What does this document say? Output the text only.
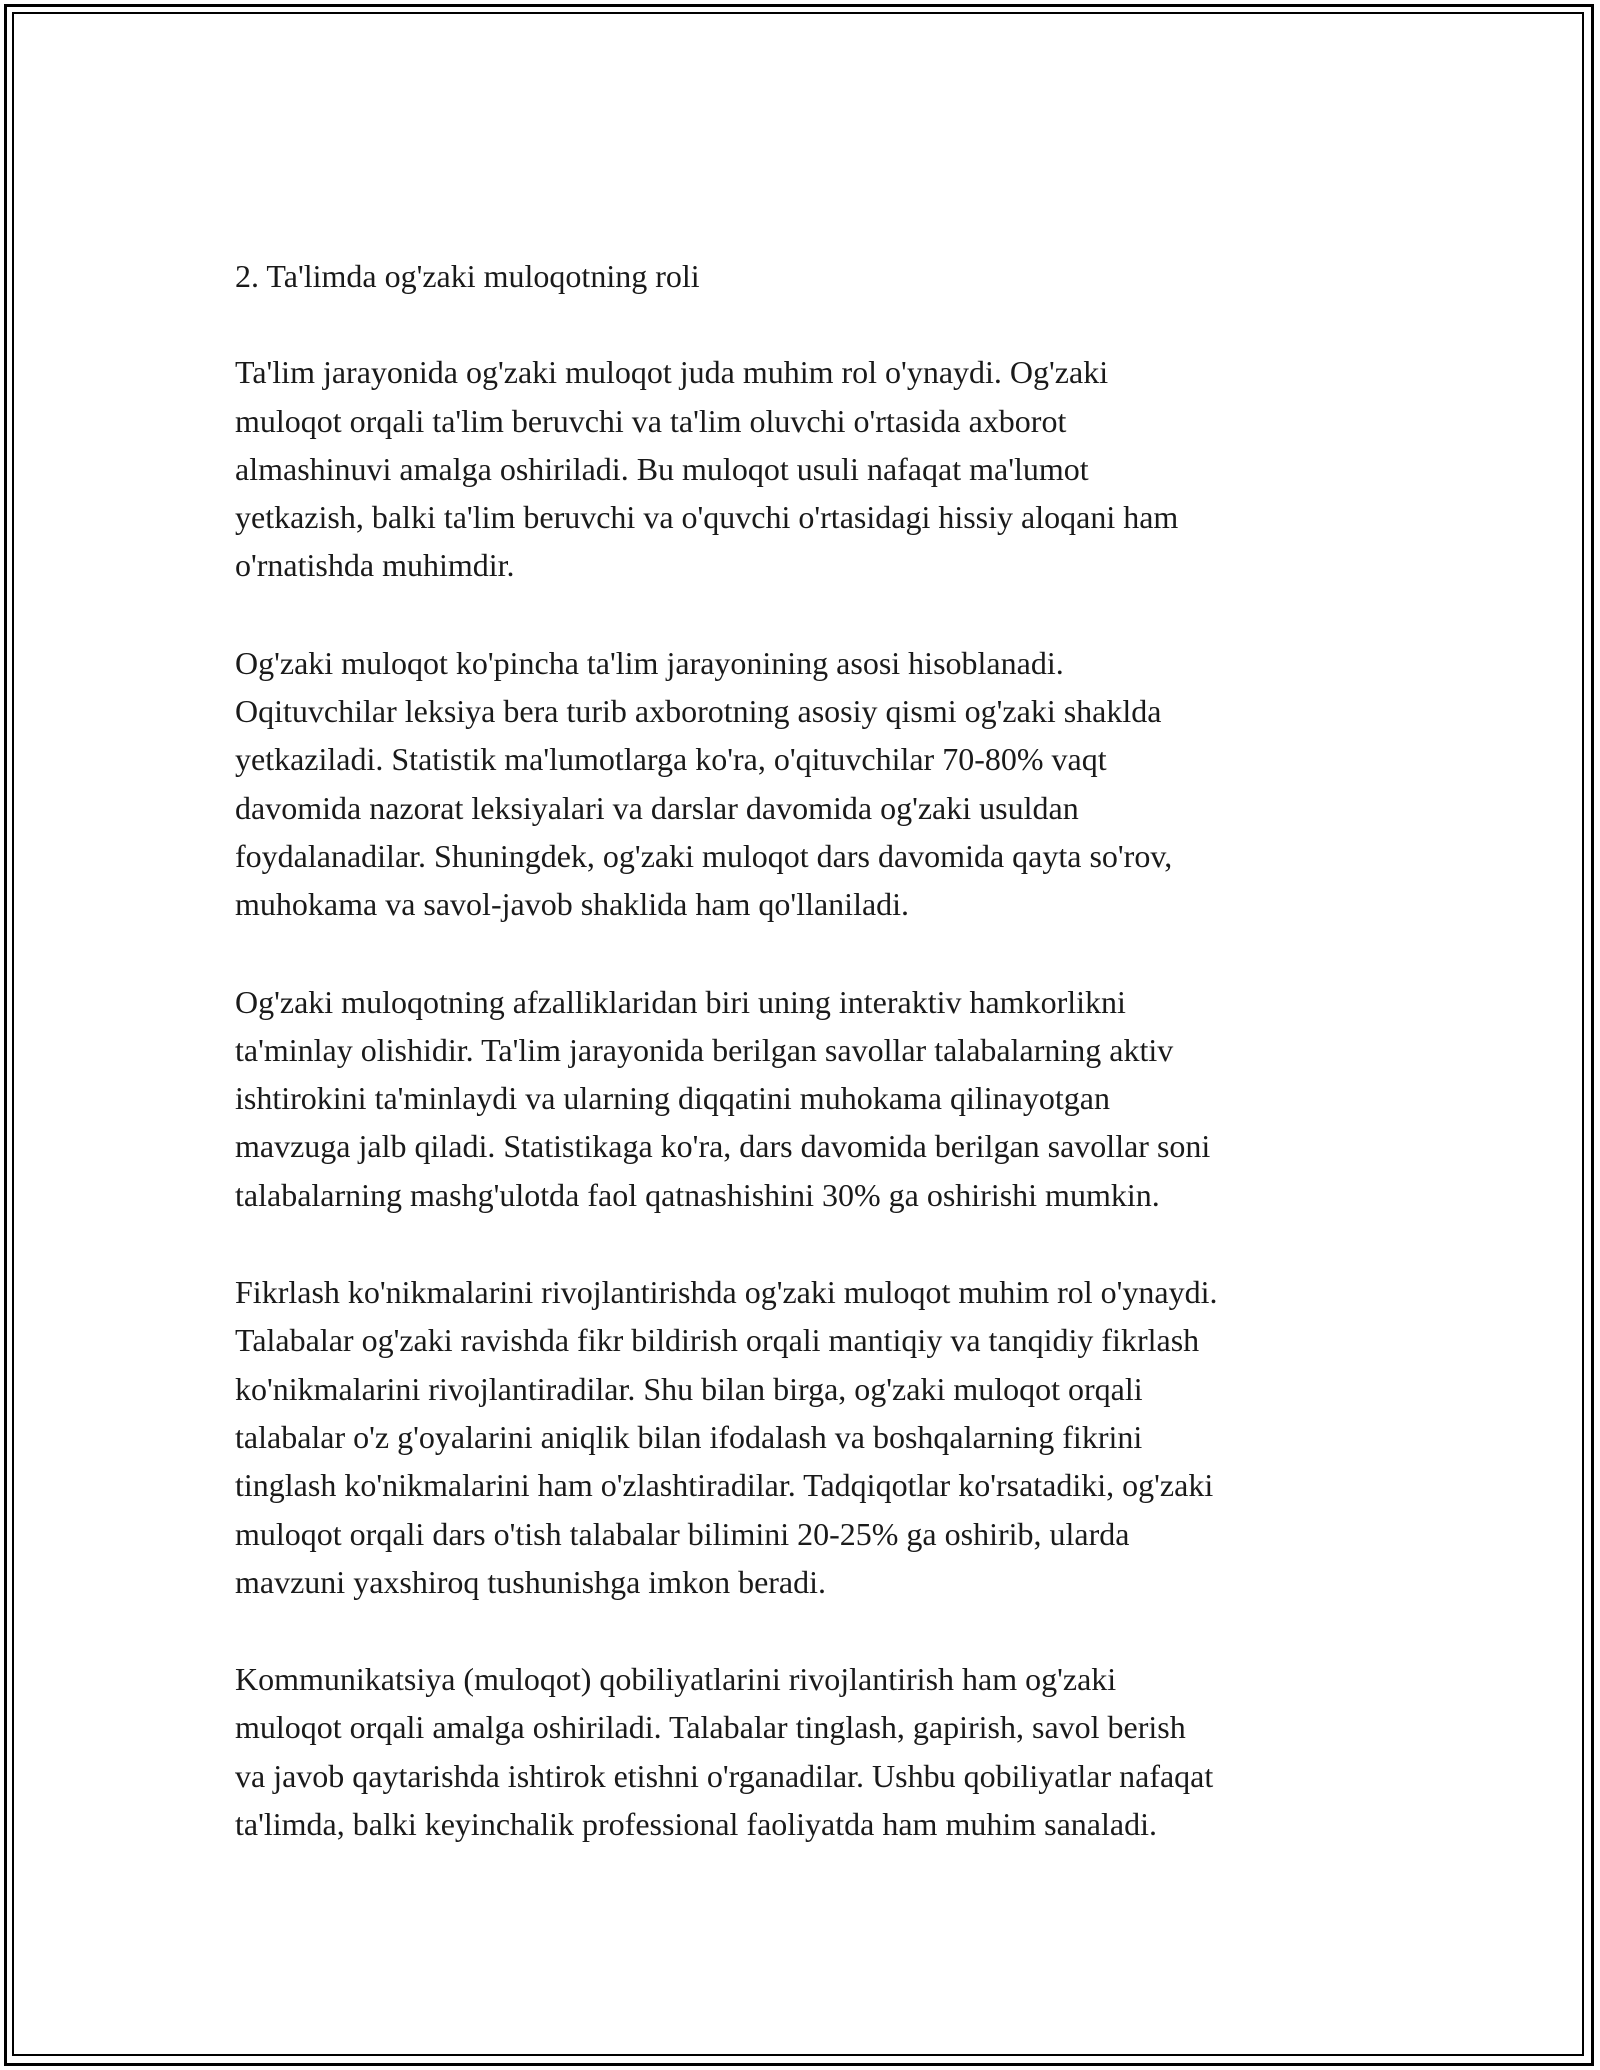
2. Ta'limda og'zaki muloqotning roli
Ta'lim jarayonida og'zaki muloqot juda muhim rol o'ynaydi. Og'zaki
muloqot orqali ta'lim beruvchi va ta'lim oluvchi o'rtasida axborot
almashinuvi amalga oshiriladi. Bu muloqot usuli nafaqat ma'lumot
yetkazish, balki ta'lim beruvchi va o'quvchi o'rtasidagi hissiy aloqani ham
o'rnatishda muhimdir.
Og'zaki muloqot ko'pincha ta'lim jarayonining asosi hisoblanadi.
Oqituvchilar leksiya bera turib axborotning asosiy qismi og'zaki shaklda
yetkaziladi. Statistik ma'lumotlarga ko'ra, o'qituvchilar 70-80% vaqt
davomida nazorat leksiyalari va darslar davomida og'zaki usuldan
foydalanadilar. Shuningdek, og'zaki muloqot dars davomida qayta so'rov,
muhokama va savol-javob shaklida ham qo'llaniladi.
Og'zaki muloqotning afzalliklaridan biri uning interaktiv hamkorlikni
ta'minlay olishidir. Ta'lim jarayonida berilgan savollar talabalarning aktiv
ishtirokini ta'minlaydi va ularning diqqatini muhokama qilinayotgan
mavzuga jalb qiladi. Statistikaga ko'ra, dars davomida berilgan savollar soni
talabalarning mashg'ulotda faol qatnashishini 30% ga oshirishi mumkin.
Fikrlash ko'nikmalarini rivojlantirishda og'zaki muloqot muhim rol o'ynaydi.
Talabalar og'zaki ravishda fikr bildirish orqali mantiqiy va tanqidiy fikrlash
ko'nikmalarini rivojlantiradilar. Shu bilan birga, og'zaki muloqot orqali
talabalar o'z g'oyalarini aniqlik bilan ifodalash va boshqalarning fikrini
tinglash ko'nikmalarini ham o'zlashtiradilar. Tadqiqotlar ko'rsatadiki, og'zaki
muloqot orqali dars o'tish talabalar bilimini 20-25% ga oshirib, ularda
mavzuni yaxshiroq tushunishga imkon beradi.
Kommunikatsiya (muloqot) qobiliyatlarini rivojlantirish ham og'zaki
muloqot orqali amalga oshiriladi. Talabalar tinglash, gapirish, savol berish
va javob qaytarishda ishtirok etishni o'rganadilar. Ushbu qobiliyatlar nafaqat
ta'limda, balki keyinchalik professional faoliyatda ham muhim sanaladi.
